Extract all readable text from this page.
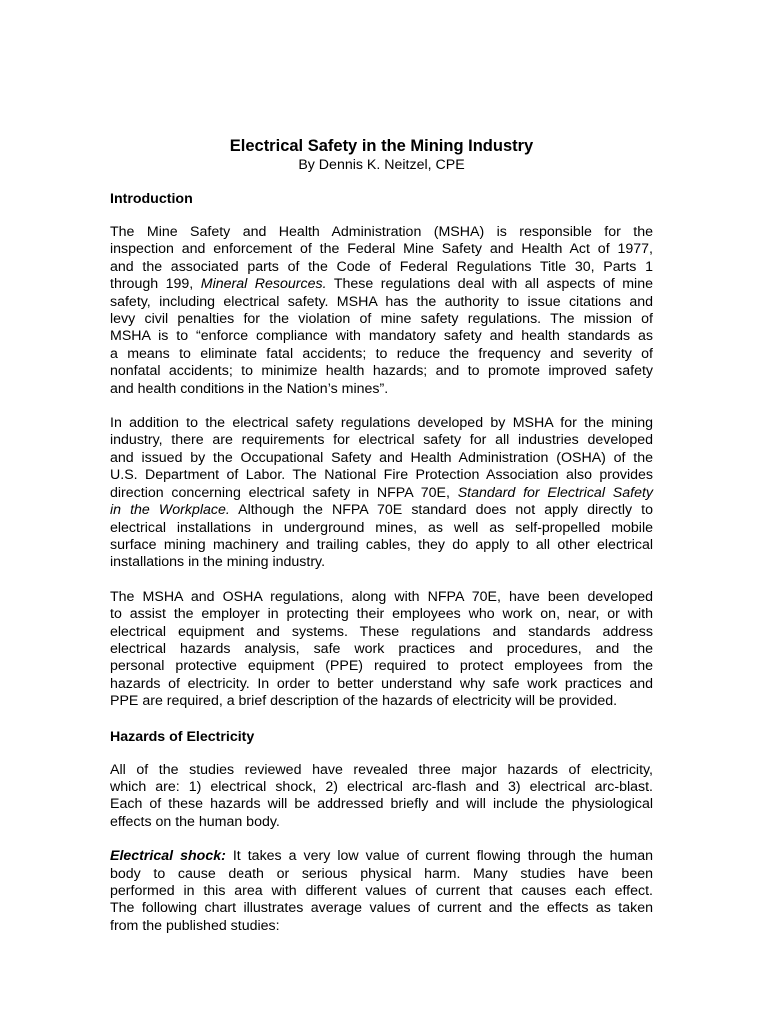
Electrical Safety in the Mining Industry

By Dennis K. Neitzel, CPE

Introduction
The Mine Safety and Health Administration (MSHA) is responsible for the
inspection and enforcement of the Federal Mine Safety and Health Act of 1977,
and the associated parts of the Code of Federal Regulations Title 30, Parts 1
through 199, Mineral Resources. These regulations deal with all aspects of mine
safety, including electrical safety. MSHA has the authority to issue citations and
levy civil penalties for the violation of mine safety regulations. The mission of
MSHA is to “enforce compliance with mandatory safety and health standards as
a means to eliminate fatal accidents; to reduce the frequency and severity of
nonfatal accidents; to minimize health hazards; and to promote improved safety
and health conditions in the Nation’s mines”.
In addition to the electrical safety regulations developed by MSHA for the mining
industry, there are requirements for electrical safety for all industries developed
and issued by the Occupational Safety and Health Administration (OSHA) of the
U.S. Department of Labor. The National Fire Protection Association also provides
direction concerning electrical safety in NFPA 70E, Standard for Electrical Safety
in the Workplace. Although the NFPA 70E standard does not apply directly to
electrical installations in underground mines, as well as self-propelled mobile
surface mining machinery and trailing cables, they do apply to all other electrical
installations in the mining industry.
The MSHA and OSHA regulations, along with NFPA 70E, have been developed
to assist the employer in protecting their employees who work on, near, or with
electrical equipment and systems. These regulations and standards address
electrical hazards analysis, safe work practices and procedures, and the
personal protective equipment (PPE) required to protect employees from the
hazards of electricity. In order to better understand why safe work practices and
PPE are required, a brief description of the hazards of electricity will be provided.
Hazards of Electricity
All of the studies reviewed have revealed three major hazards of electricity,
which are: 1) electrical shock, 2) electrical arc-flash and 3) electrical arc-blast.
Each of these hazards will be addressed briefly and will include the physiological
effects on the human body.
Electrical shock: It takes a very low value of current flowing through the human
body to cause death or serious physical harm. Many studies have been
performed in this area with different values of current that causes each effect.
The following chart illustrates average values of current and the effects as taken
from the published studies:
